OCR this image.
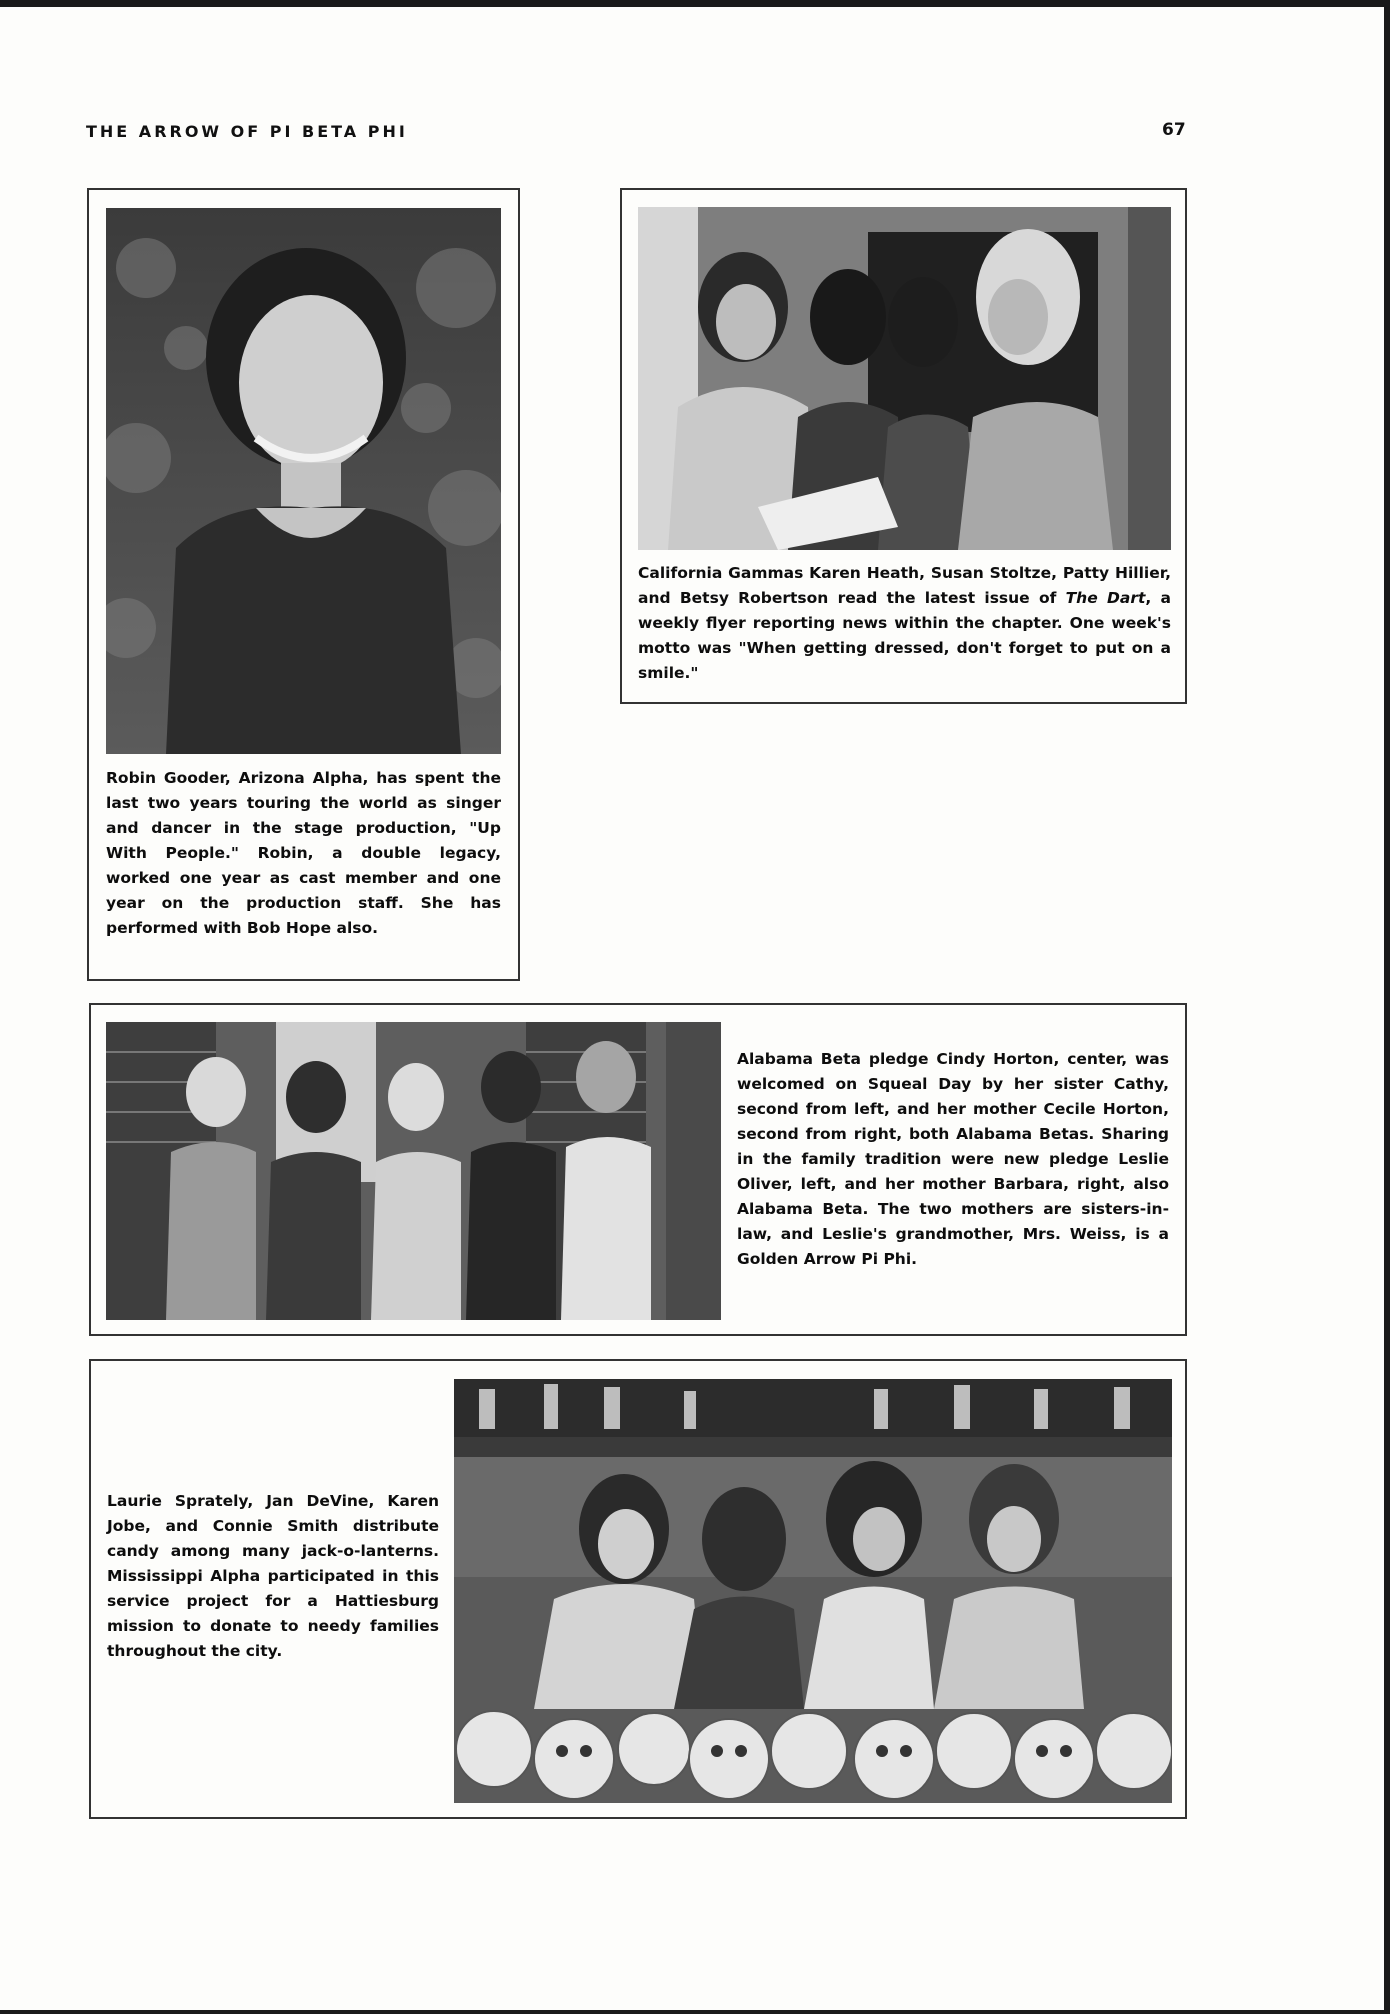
THE ARROW OF PI BETA PHI	67
Robin Gooder, Arizona Alpha, has spent the last two years touring the world as singer and dancer in the stage production, "Up With People." Robin, a double legacy, worked one year as cast member and one year on the production staff. She has performed with Bob Hope also.
California Gammas Karen Heath, Susan Stoltze, Patty Hillier, and Betsy Robertson read the latest issue of The Dart, a weekly flyer reporting news within the chapter. One week's motto was "When getting dressed, don't forget to put on a smile."
Alabama Beta pledge Cindy Horton, center, was welcomed on Squeal Day by her sister Cathy, second from left, and her mother Cecile Horton, second from right, both Alabama Betas. Sharing in the family tradition were new pledge Leslie Oliver, left, and her mother Barbara, right, also Alabama Beta. The two mothers are sisters-in-law, and Leslie's grandmother, Mrs. Weiss, is a Golden Arrow Pi Phi.
Laurie Sprately, Jan DeVine, Karen Jobe, and Connie Smith distribute candy among many jack-o-lanterns. Mississippi Alpha participated in this service project for a Hattiesburg mission to donate to needy families throughout the city.
